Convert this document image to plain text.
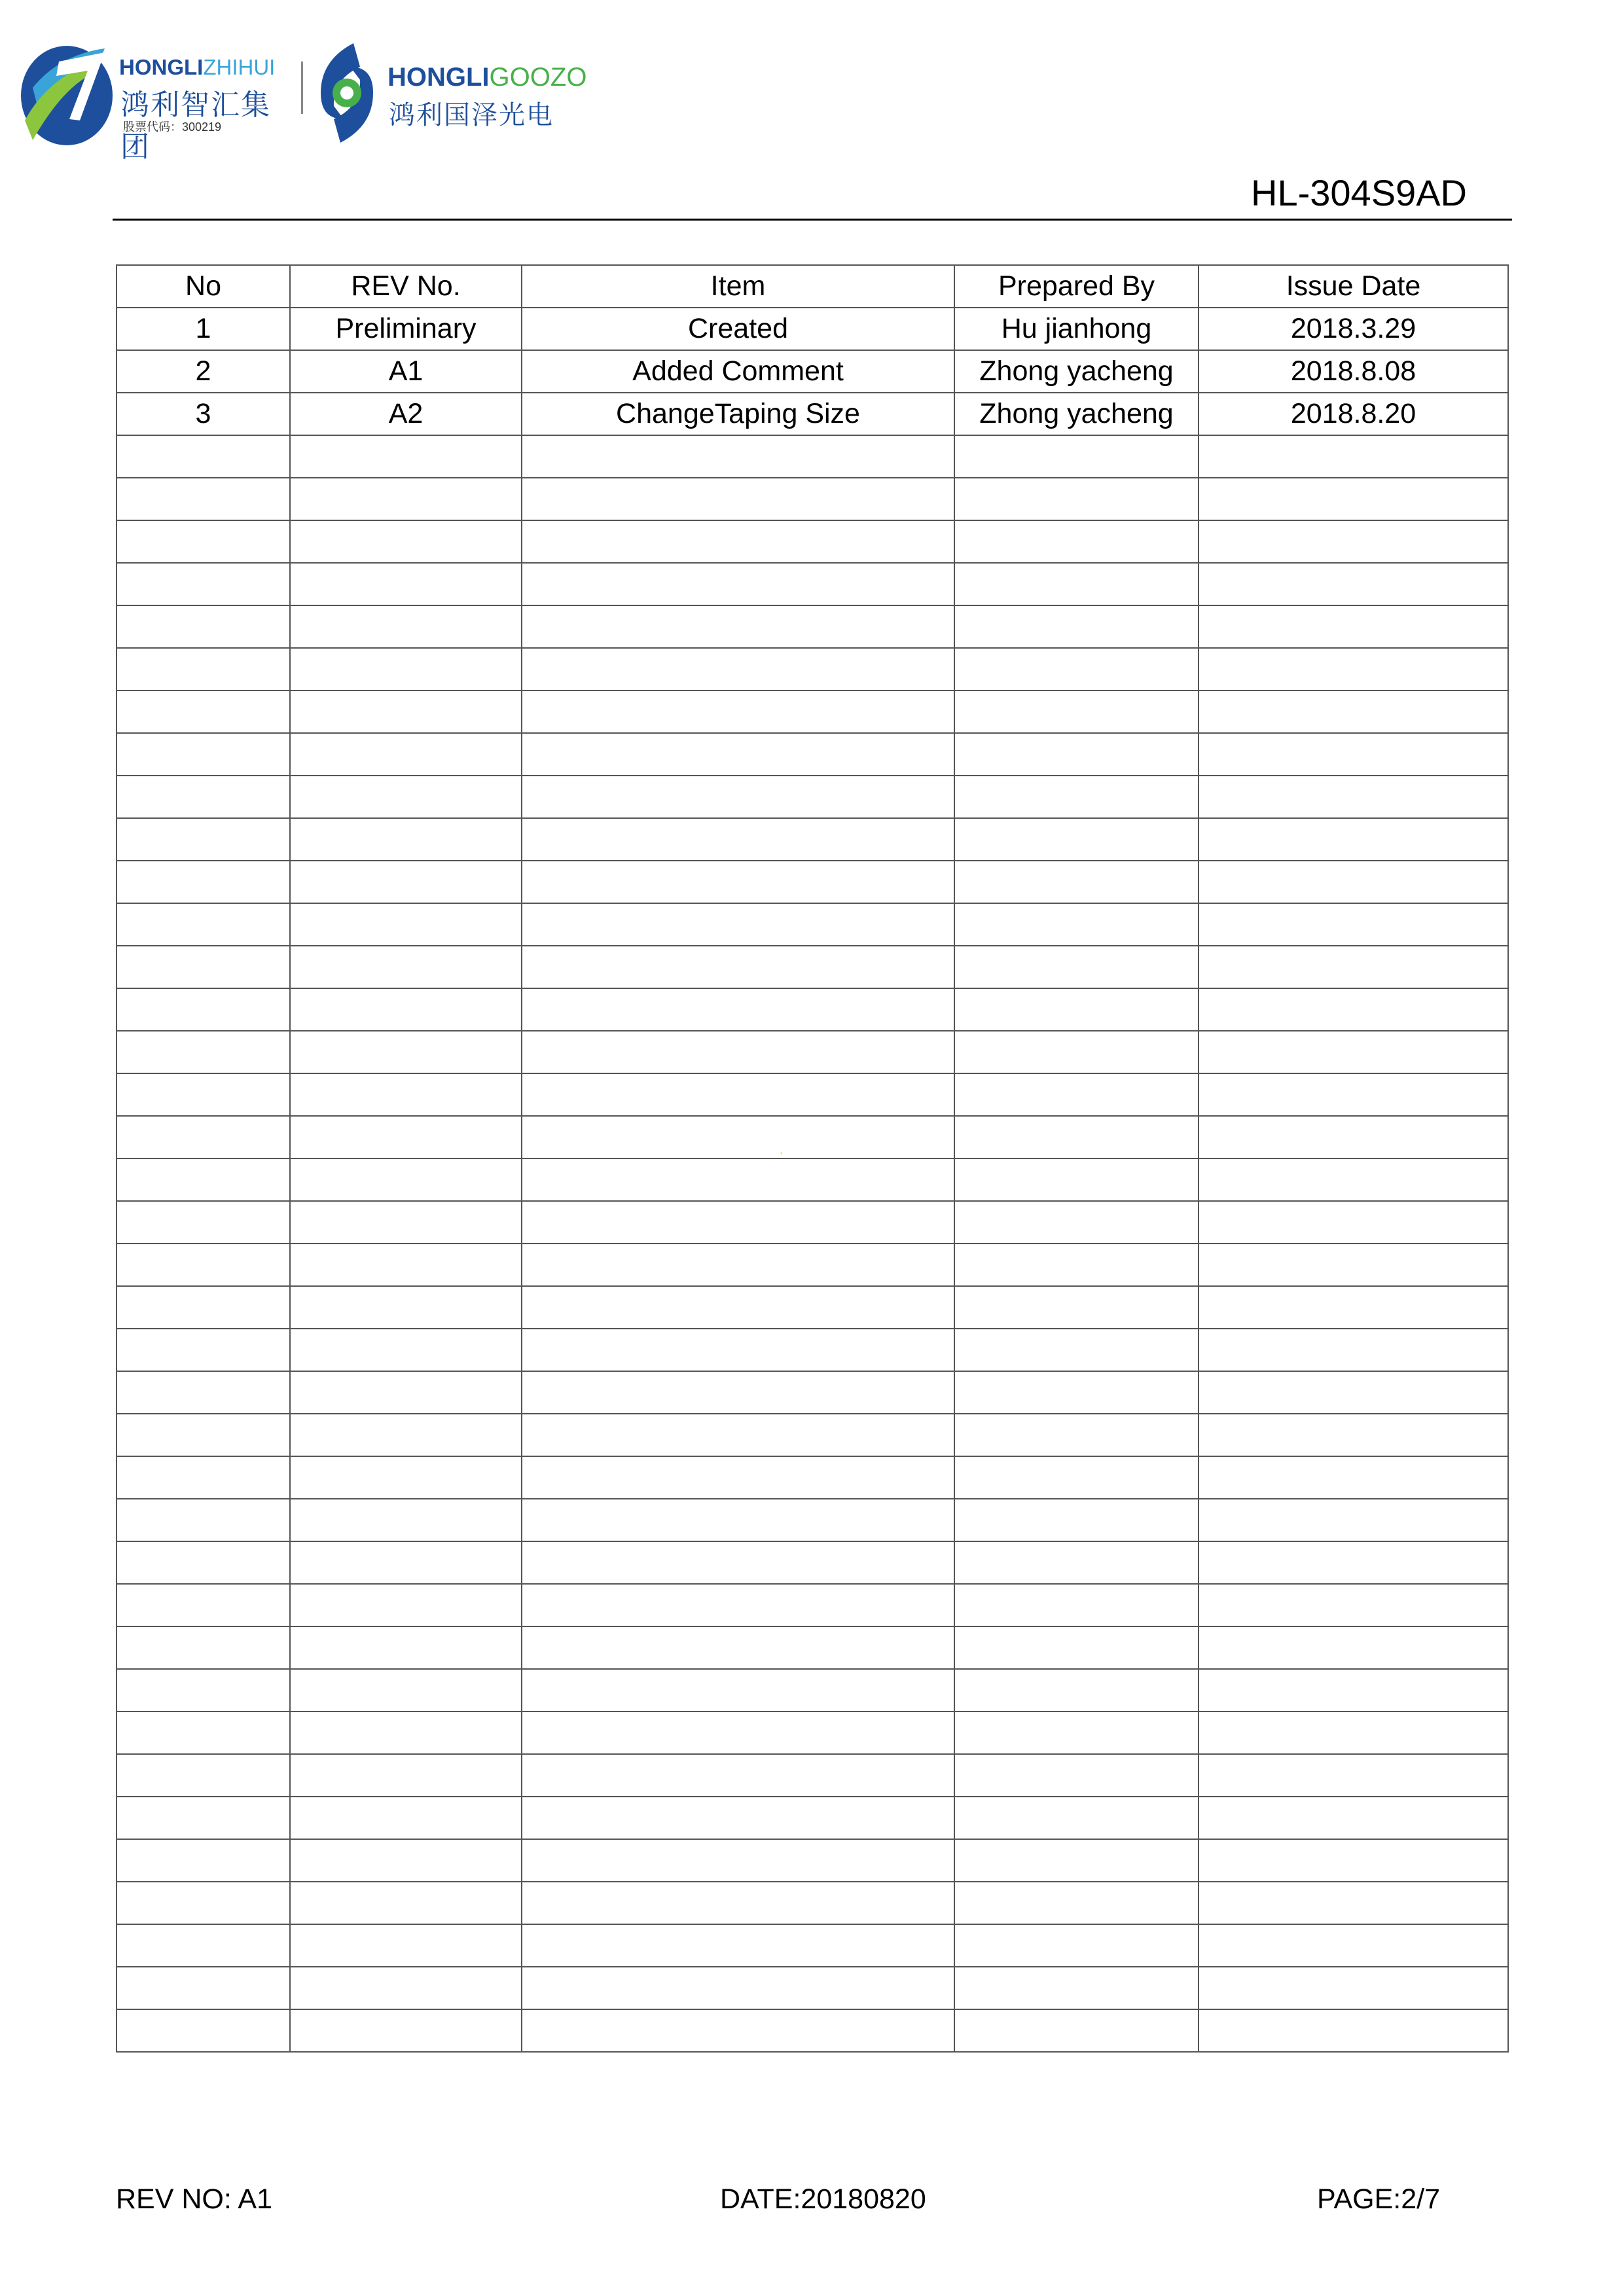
HONGLIZHIHUI
鸿利智汇集团
股票代码：300219
HONGLIGOOZO
鸿利国泽光电
HL-304S9AD
No	REV No.	Item	Prepared By	Issue Date
1	Preliminary	Created	Hu jianhong	2018.3.29
2	A1	Added Comment	Zhong yacheng	2018.8.08
3	A2	ChangeTaping Size	Zhong yacheng	2018.8.20

·
REV NO: A1	DATE:20180820	PAGE:2/7
